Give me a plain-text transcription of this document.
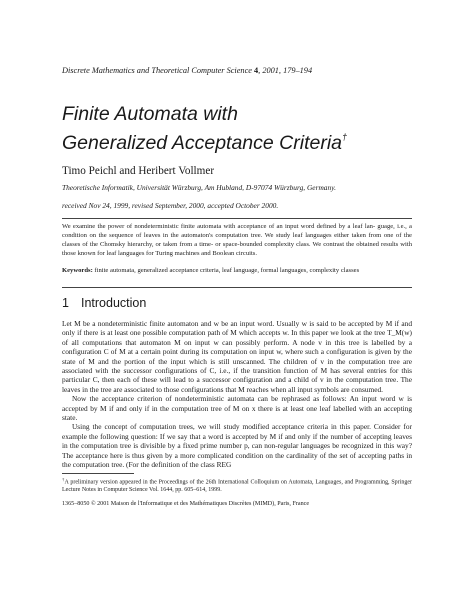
Discrete Mathematics and Theoretical Computer Science 4, 2001, 179–194
Finite Automata with
Generalized Acceptance Criteria†
Timo Peichl and Heribert Vollmer
Theoretische Informatik, Universität Würzburg, Am Hubland, D-97074 Würzburg, Germany.
received Nov 24, 1999, revised September, 2000, accepted October 2000.
We examine the power of nondeterministic finite automata with acceptance of an input word defined by a leaf lan- guage, i.e., a condition on the sequence of leaves in the automaton's computation tree. We study leaf languages either taken from one of the classes of the Chomsky hierarchy, or taken from a time- or space-bounded complexity class. We contrast the obtained results with those known for leaf languages for Turing machines and Boolean circuits.
Keywords: finite automata, generalized acceptance criteria, leaf language, formal languages, complexity classes
1 Introduction

Let M be a nondeterministic finite automaton and w be an input word. Usually w is said to be accepted by M if and only if there is at least one possible computation path of M which accepts w. In this paper we look at the tree T_M(w) of all computations that automaton M on input w can possibly perform. A node v in this tree is labelled by a configuration C of M at a certain point during its computation on input w, where such a configuration is given by the state of M and the portion of the input which is still unscanned. The children of v in the computation tree are associated with the successor configurations of C, i.e., if the transition function of M has several entries for this particular C, then each of these will lead to a successor configuration and a child of v in the computation tree. The leaves in the tree are associated to those configurations that M reaches when all input symbols are consumed.

Now the acceptance criterion of nondeterministic automata can be rephrased as follows: An input word w is accepted by M if and only if in the computation tree of M on x there is at least one leaf labelled with an accepting state.

Using the concept of computation trees, we will study modified acceptance criteria in this paper. Consider for example the following question: If we say that a word is accepted by M if and only if the number of accepting leaves in the computation tree is divisible by a fixed prime number p, can non-regular languages be recognized in this way? The acceptance here is thus given by a more complicated condition on the cardinality of the set of accepting paths in the computation tree. (For the definition of the class REG

†A preliminary version appeared in the Proceedings of the 26th International Colloquium on Automata, Languages, and Programming, Springer Lecture Notes in Computer Science Vol. 1644, pp. 605–614, 1999.
1365–8050 © 2001 Maison de l'Informatique et des Mathématiques Discrètes (MIMD), Paris, France
